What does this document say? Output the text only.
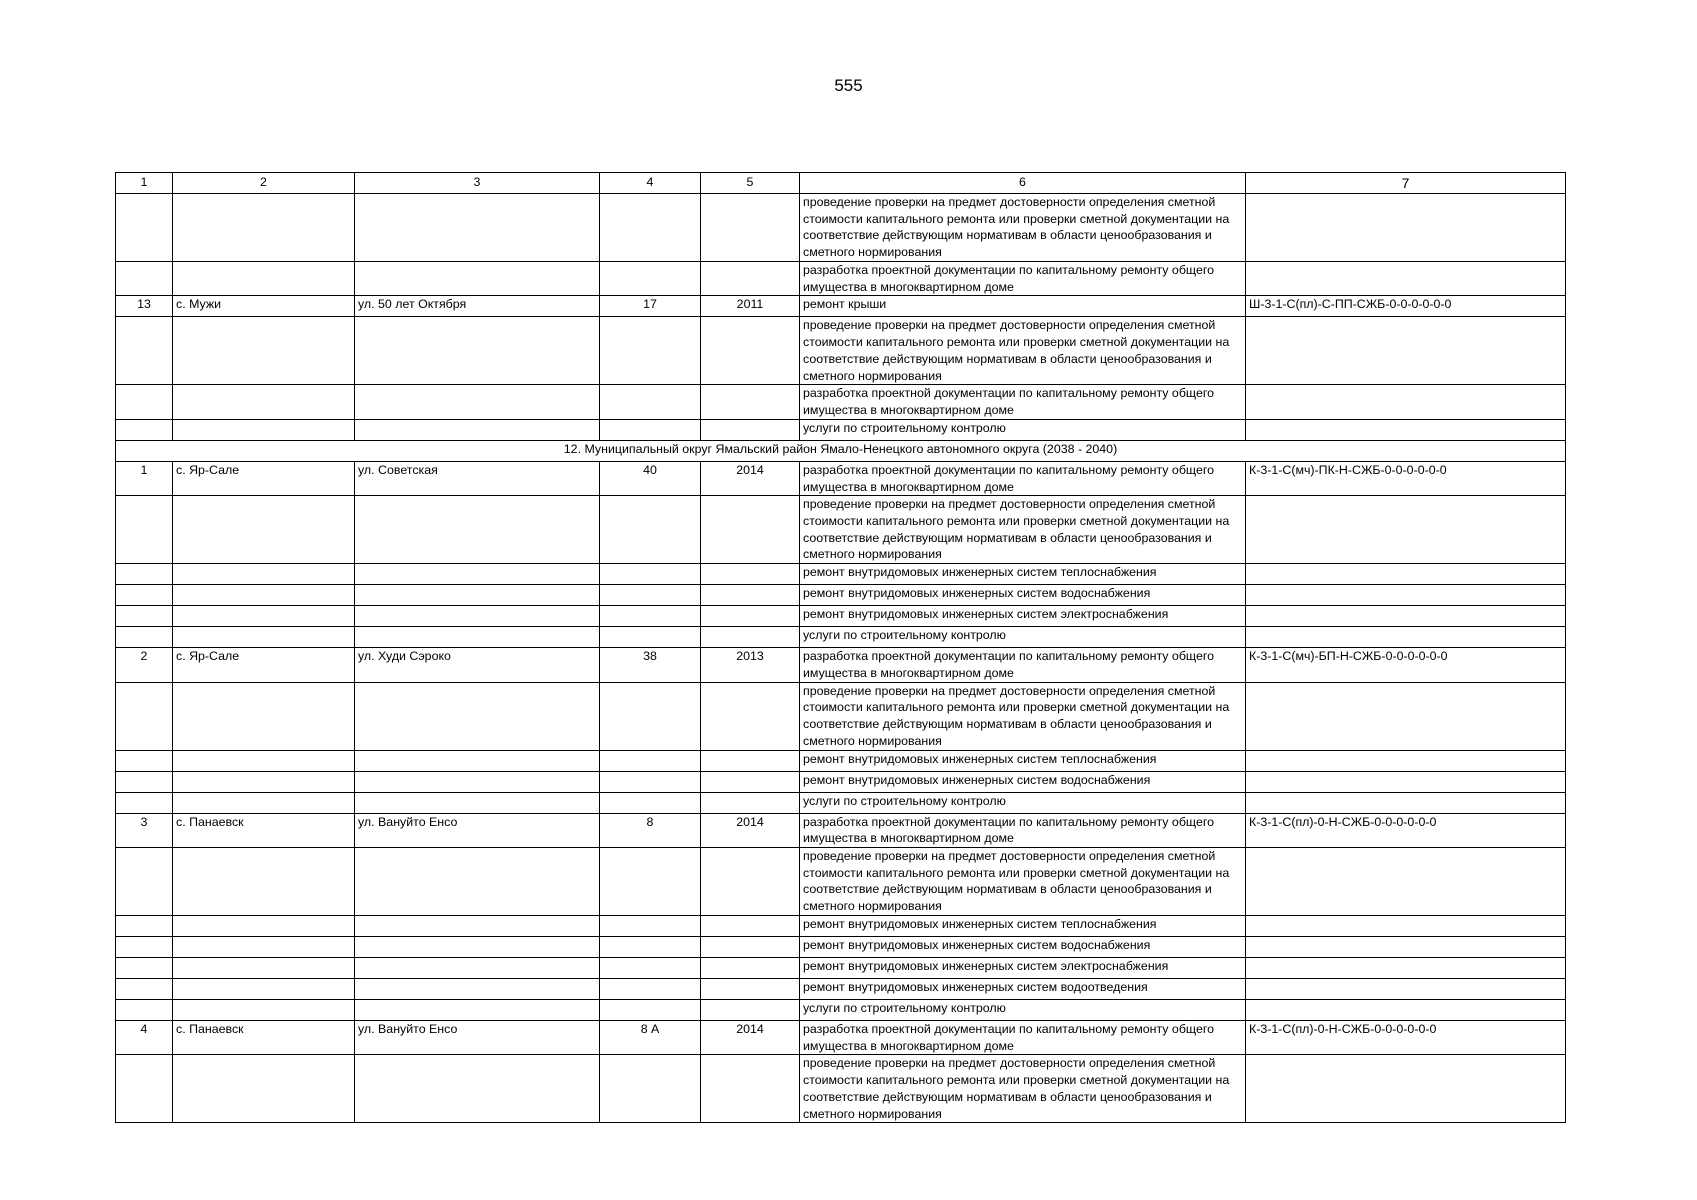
555
1	2	3	4	5	6	7
					проведение проверки на предмет достоверности определения сметной стоимости капитального ремонта или проверки сметной документации на соответствие действующим нормативам в области ценообразования и сметного нормирования	
					разработка проектной документации по капитальному ремонту общего имущества в многоквартирном доме	
13	с. Мужи	ул. 50 лет Октября	17	2011	ремонт крыши	Ш-3-1-С(пл)-С-ПП-СЖБ-0-0-0-0-0-0
					проведение проверки на предмет достоверности определения сметной стоимости капитального ремонта или проверки сметной документации на соответствие действующим нормативам в области ценообразования и сметного нормирования	
					разработка проектной документации по капитальному ремонту общего имущества в многоквартирном доме	
					услуги по строительному контролю	
12. Муниципальный округ Ямальский район Ямало-Ненецкого автономного округа (2038 - 2040)						
1	с. Яр-Сале	ул. Советская	40	2014	разработка проектной документации по капитальному ремонту общего имущества в многоквартирном доме	К-3-1-С(мч)-ПК-Н-СЖБ-0-0-0-0-0-0
					проведение проверки на предмет достоверности определения сметной стоимости капитального ремонта или проверки сметной документации на соответствие действующим нормативам в области ценообразования и сметного нормирования	
					ремонт внутридомовых инженерных систем теплоснабжения	
					ремонт внутридомовых инженерных систем водоснабжения	
					ремонт внутридомовых инженерных систем электроснабжения	
					услуги по строительному контролю	
2	с. Яр-Сале	ул. Худи Сэроко	38	2013	разработка проектной документации по капитальному ремонту общего имущества в многоквартирном доме	К-3-1-С(мч)-БП-Н-СЖБ-0-0-0-0-0-0
					проведение проверки на предмет достоверности определения сметной стоимости капитального ремонта или проверки сметной документации на соответствие действующим нормативам в области ценообразования и сметного нормирования	
					ремонт внутридомовых инженерных систем теплоснабжения	
					ремонт внутридомовых инженерных систем водоснабжения	
					услуги по строительному контролю	
3	с. Панаевск	ул. Вануйто Енсо	8	2014	разработка проектной документации по капитальному ремонту общего имущества в многоквартирном доме	К-3-1-С(пл)-0-Н-СЖБ-0-0-0-0-0-0
					проведение проверки на предмет достоверности определения сметной стоимости капитального ремонта или проверки сметной документации на соответствие действующим нормативам в области ценообразования и сметного нормирования	
					ремонт внутридомовых инженерных систем теплоснабжения	
					ремонт внутридомовых инженерных систем водоснабжения	
					ремонт внутридомовых инженерных систем электроснабжения	
					ремонт внутридомовых инженерных систем водоотведения	
					услуги по строительному контролю	
4	с. Панаевск	ул. Вануйто Енсо	8 А	2014	разработка проектной документации по капитальному ремонту общего имущества в многоквартирном доме	К-3-1-С(пл)-0-Н-СЖБ-0-0-0-0-0-0
					проведение проверки на предмет достоверности определения сметной стоимости капитального ремонта или проверки сметной документации на соответствие действующим нормативам в области ценообразования и сметного нормирования	
